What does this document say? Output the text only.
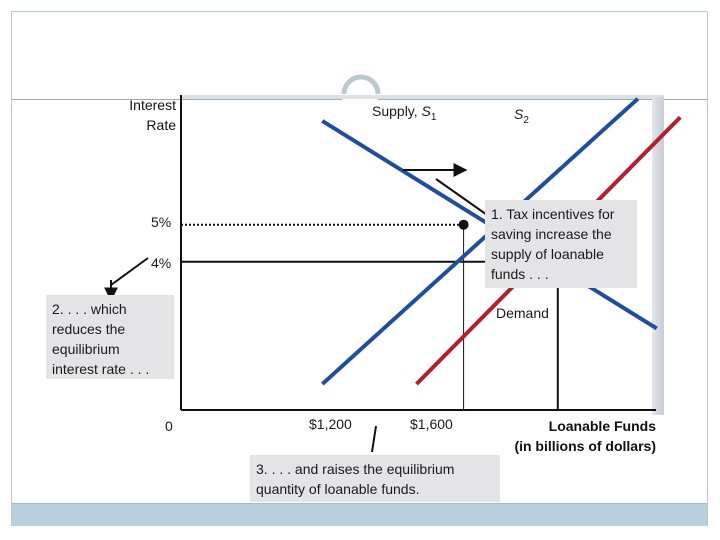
Interest
Rate
Loanable Funds
(in billions of dollars)
0
5%
4%
$1,200	$1,600
Supply, $S_1$	$S_2$
Demand
1. Tax incentives for saving increase the supply of loanable funds . . .
2. . . . which reduces the equilibrium interest rate . . .
3. . . . and raises the equilibrium quantity of loanable funds.
